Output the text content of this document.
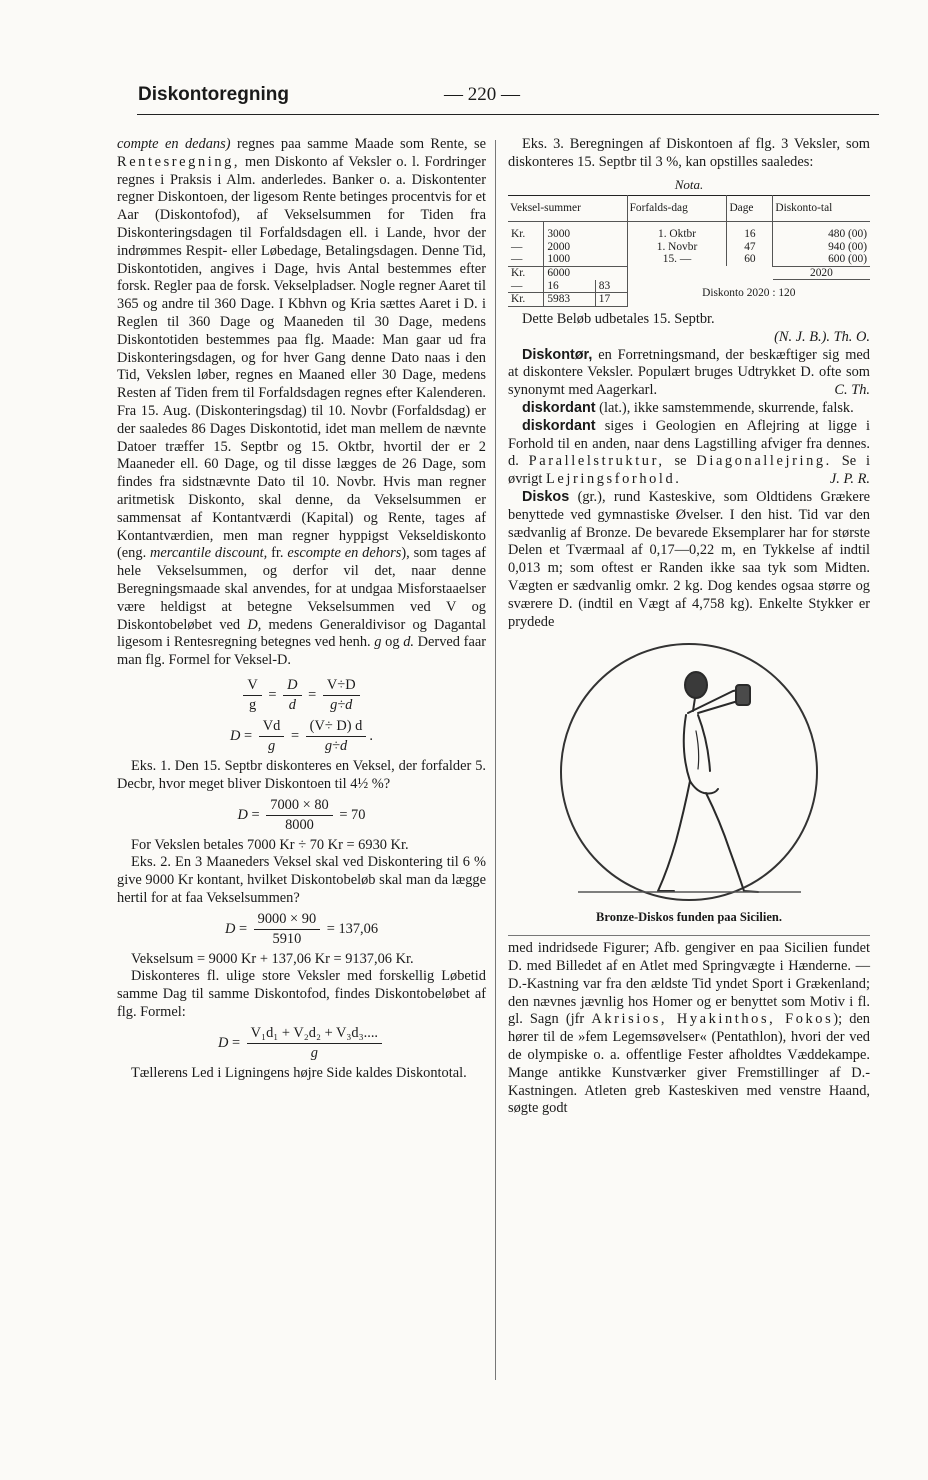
Diskontoregning	— 220 —

compte en dedans) regnes paa samme Maade som Rente, se Rentesregning, men Diskonto af Veksler o. l. Fordringer regnes i Praksis i Alm. anderledes. Banker o. a. Diskontenter regner Diskontoen, der ligesom Rente betinges procentvis for et Aar (Diskontofod), af Vekselsummen for Tiden fra Diskonteringsdagen til Forfaldsdagen ell. i Lande, hvor der indrømmes Respit- eller Løbedage, Betalingsdagen. Denne Tid, Diskontotiden, angives i Dage, hvis Antal bestemmes efter forsk. Regler paa de forsk. Vekselpladser. Nogle regner Aaret til 365 og andre til 360 Dage. I Kbhvn og Kria sættes Aaret i D. i Reglen til 360 Dage og Maaneden til 30 Dage, medens Diskontotiden bestemmes paa flg. Maade: Man gaar ud fra Diskonteringsdagen, og for hver Gang denne Dato naas i den Tid, Vekslen løber, regnes en Maaned eller 30 Dage, medens Resten af Tiden frem til Forfaldsdagen regnes efter Kalenderen. Fra 15. Aug. (Diskonteringsdag) til 10. Novbr (Forfaldsdag) er der saaledes 86 Dages Diskontotid, idet man mellem de nævnte Datoer træffer 15. Septbr og 15. Oktbr, hvortil der er 2 Maaneder ell. 60 Dage, og til disse lægges de 26 Dage, som findes fra sidstnævnte Dato til 10. Novbr. Hvis man regner aritmetisk Diskonto, skal denne, da Vekselsummen er sammensat af Kontantværdi (Kapital) og Rente, tages af Kontantværdien, men man regner hyppigst Vekseldiskonto (eng. mercantile discount, fr. escompte en dehors), som tages af hele Vekselsummen, og derfor vil det, naar denne Beregningsmaade skal anvendes, for at undgaa Misforstaaelser være heldigst at betegne Vekselsummen ved V og Diskontobeløbet ved D, medens Generaldivisor og Dagantal ligesom i Rentesregning betegnes ved henh. g og d. Derved faar man flg. Formel for Veksel-D.

$\frac{V}{g} = \frac{D}{d} = \frac{V\div D}{g\div d}$

$D = \frac{Vd}{g} = \frac{(V\div D) d}{g\div d}$ .

Eks. 1. Den 15. Septbr diskonteres en Veksel, der forfalder 5. Decbr, hvor meget bliver Diskontoen til 4½ %?

$D = \frac{7000 \times 80}{8000} = 70$

For Vekslen betales 7000 Kr ÷ 70 Kr = 6930 Kr.

Eks. 2. En 3 Maaneders Veksel skal ved Diskontering til 6 % give 9000 Kr kontant, hvilket Diskontobeløb skal man da lægge hertil for at faa Vekselsummen?

$D = \frac{9000 \times 90}{5910} = 137,06$

Vekselsum = 9000 Kr + 137,06 Kr = 9137,06 Kr.

Diskonteres fl. ulige store Veksler med forskellig Løbetid samme Dag til samme Diskontofod, findes Diskontobeløbet af flg. Formel:

$D = \frac{\text{V₁d₁ + V₂d₂ + V₃d₃....}}{g}$

Tællerens Led i Ligningens højre Side kaldes Diskontotal.

Eks. 3. Beregningen af Diskontoen af flg. 3 Veksler, som diskonteres 15. Septbr til 3 %, kan opstilles saaledes:

Nota.

Veksel-summer			Forfalds-dag	Dage	Diskonto-tal
Kr.	3000		1. Oktbr	16	480 (00)
—	2000		1. Novbr	47	940 (00)
—	1000		15. —	60	600 (00)
Kr.	6000				2020
—	16	83	Diskonto 2020 : 120		
Kr.	5983	17			

Dette Beløb udbetales 15. Septbr.

(N. J. B.). Th. O.

Diskontør, en Forretningsmand, der beskæftiger sig med at diskontere Veksler. Populært bruges Udtrykket D. ofte som synonymt med Aagerkarl.	C. Th.

diskordant (lat.), ikke samstemmende, skurrende, falsk.

diskordant siges i Geologien en Aflejring at ligge i Forhold til en anden, naar dens Lagstilling afviger fra dennes. d. Parallelstruktur, se Diagonallejring. Se i øvrigt Lejringsforhold.	J. P. R.

Diskos (gr.), rund Kasteskive, som Oldtidens Grækere benyttede ved gymnastiske Øvelser. I den hist. Tid var den sædvanlig af Bronze. De bevarede Eksemplarer har for største Delen et Tværmaal af 0,17—0,22 m, en Tykkelse af indtil 0,013 m; som oftest er Randen ikke saa tyk som Midten. Vægten er sædvanlig omkr. 2 kg. Dog kendes ogsaa større og sværere D. (indtil en Vægt af 4,758 kg). Enkelte Stykker er prydede

Bronze-Diskos funden paa Sicilien.

med indridsede Figurer; Afb. gengiver en paa Sicilien fundet D. med Billedet af en Atlet med Springvægte i Hænderne. — D.-Kastning var fra den ældste Tid yndet Sport i Grækenland; den nævnes jævnlig hos Homer og er benyttet som Motiv i fl. gl. Sagn (jfr Akrisios, Hyakinthos, Fokos); den hører til de »fem Legemsøvelser« (Pentathlon), hvori der ved de olympiske o. a. offentlige Fester afholdtes Væddekampe. Mange antikke Kunstværker giver Fremstillinger af D.-Kastningen. Atleten greb Kasteskiven med venstre Haand, søgte godt
